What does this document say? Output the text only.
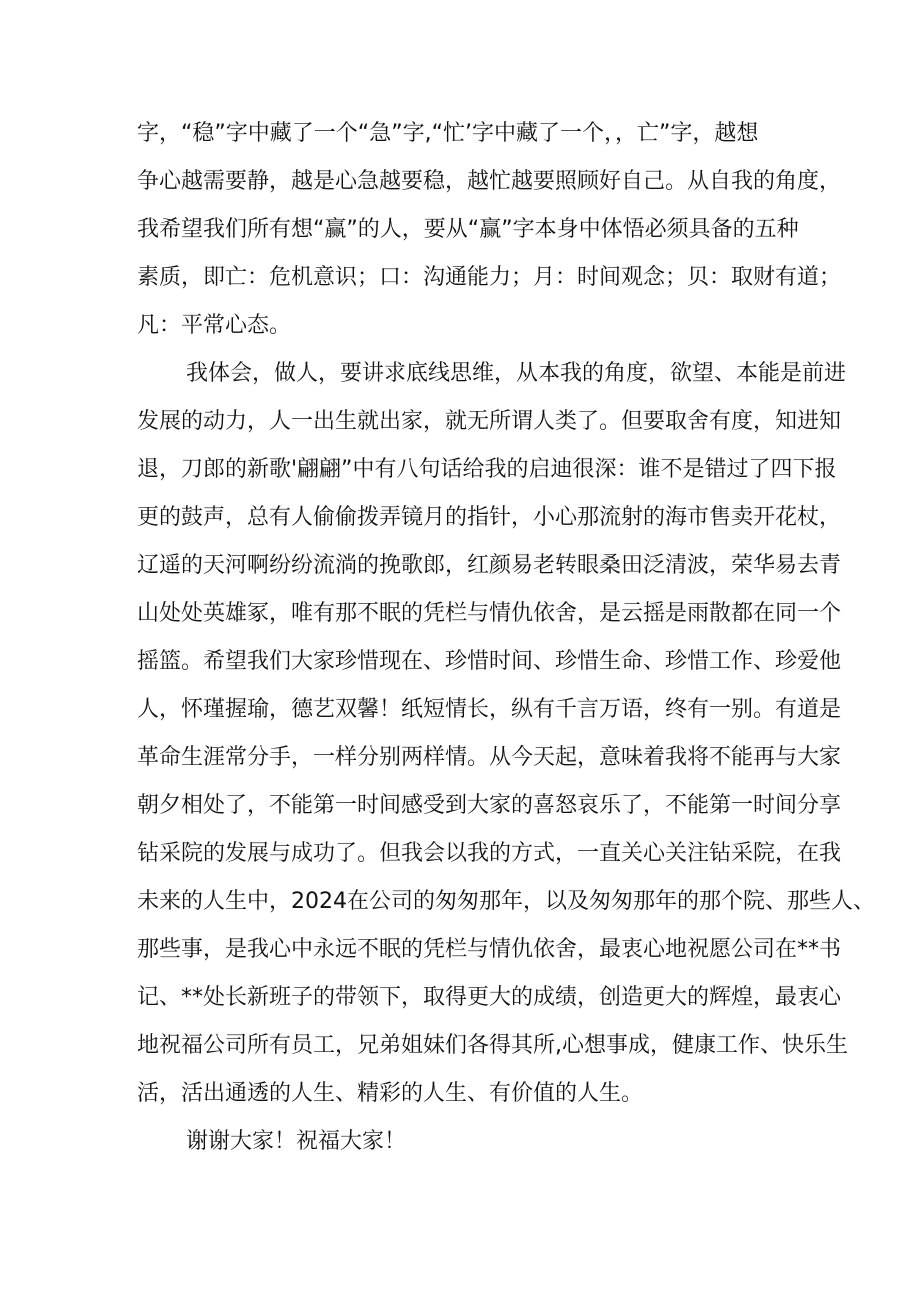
字，“稳”字中藏了一个“急”字,“忙’字中藏了一个，，亡”字，越想
争心越需要静，越是心急越要稳，越忙越要照顾好自己。从自我的角度，
我希望我们所有想“赢”的人，要从“赢”字本身中体悟必须具备的五种
素质，即亡：危机意识；口：沟通能力；月：时间观念；贝：取财有道；
凡：平常心态。
我体会，做人，要讲求底线思维，从本我的角度，欲望、本能是前进
发展的动力，人一出生就出家，就无所谓人类了。但要取舍有度，知进知
退，刀郎的新歌'翩翩”中有八句话给我的启迪很深：谁不是错过了四下报
更的鼓声，总有人偷偷拨弄镜月的指针，小心那流射的海市售卖开花杖，
辽遥的天河啊纷纷流淌的挽歌郎，红颜易老转眼桑田泛清波，荣华易去青
山处处英雄冢，唯有那不眠的凭栏与情仇依舍，是云摇是雨散都在同一个
摇篮。希望我们大家珍惜现在、珍惜时间、珍惜生命、珍惜工作、珍爱他
人，怀瑾握瑜，德艺双馨！纸短情长，纵有千言万语，终有一别。有道是
革命生涯常分手，一样分别两样情。从今天起，意味着我将不能再与大家
朝夕相处了，不能第一时间感受到大家的喜怒哀乐了，不能第一时间分享
钻采院的发展与成功了。但我会以我的方式，一直关心关注钻采院，在我
未来的人生中，2024在公司的匆匆那年，以及匆匆那年的那个院、那些人、
那些事，是我心中永远不眠的凭栏与情仇依舍，最衷心地祝愿公司在**书
记、**处长新班子的带领下，取得更大的成绩，创造更大的辉煌，最衷心
地祝福公司所有员工，兄弟姐妹们各得其所,心想事成，健康工作、快乐生
活，活出通透的人生、精彩的人生、有价值的人生。
谢谢大家！祝福大家！
